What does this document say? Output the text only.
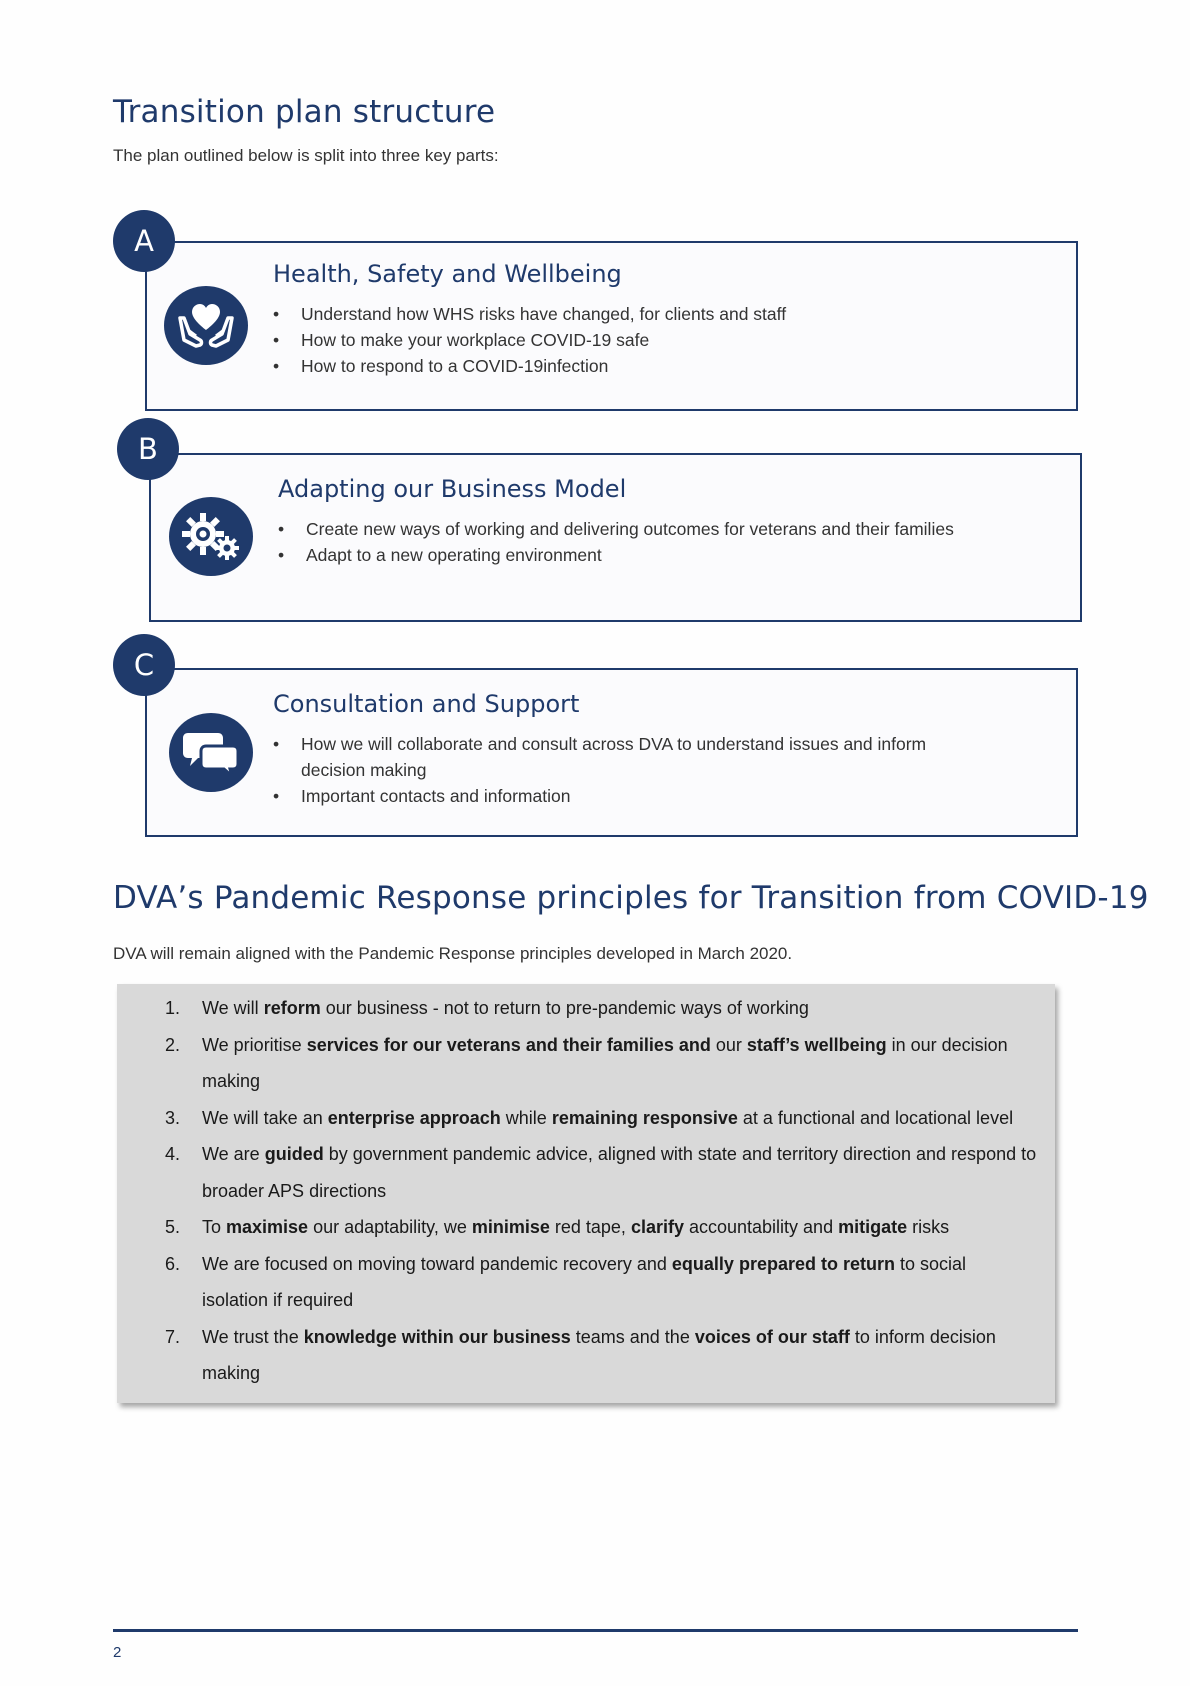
Transition plan structure

The plan outlined below is split into three key parts:

A
Health, Safety and Wellbeing
• Understand how WHS risks have changed, for clients and staff
• How to make your workplace COVID-19 safe
• How to respond to a COVID-19infection
B
Adapting our Business Model
• Create new ways of working and delivering outcomes for veterans and their families
• Adapt to a new operating environment
C
Consultation and Support
• How we will collaborate and consult across DVA to understand issues and inform decision making
• Important contacts and information
DVA’s Pandemic Response principles for Transition from COVID-19

DVA will remain aligned with the Pandemic Response principles developed in March 2020.

1. We will reform our business - not to return to pre-pandemic ways of working
2. We prioritise services for our veterans and their families and our staff’s wellbeing in our decision making
3. We will take an enterprise approach while remaining responsive at a functional and locational level
4. We are guided by government pandemic advice, aligned with state and territory direction and respond to broader APS directions
5. To maximise our adaptability, we minimise red tape, clarify accountability and mitigate risks
6. We are focused on moving toward pandemic recovery and equally prepared to return to social isolation if required
7. We trust the knowledge within our business teams and the voices of our staff to inform decision making
2
